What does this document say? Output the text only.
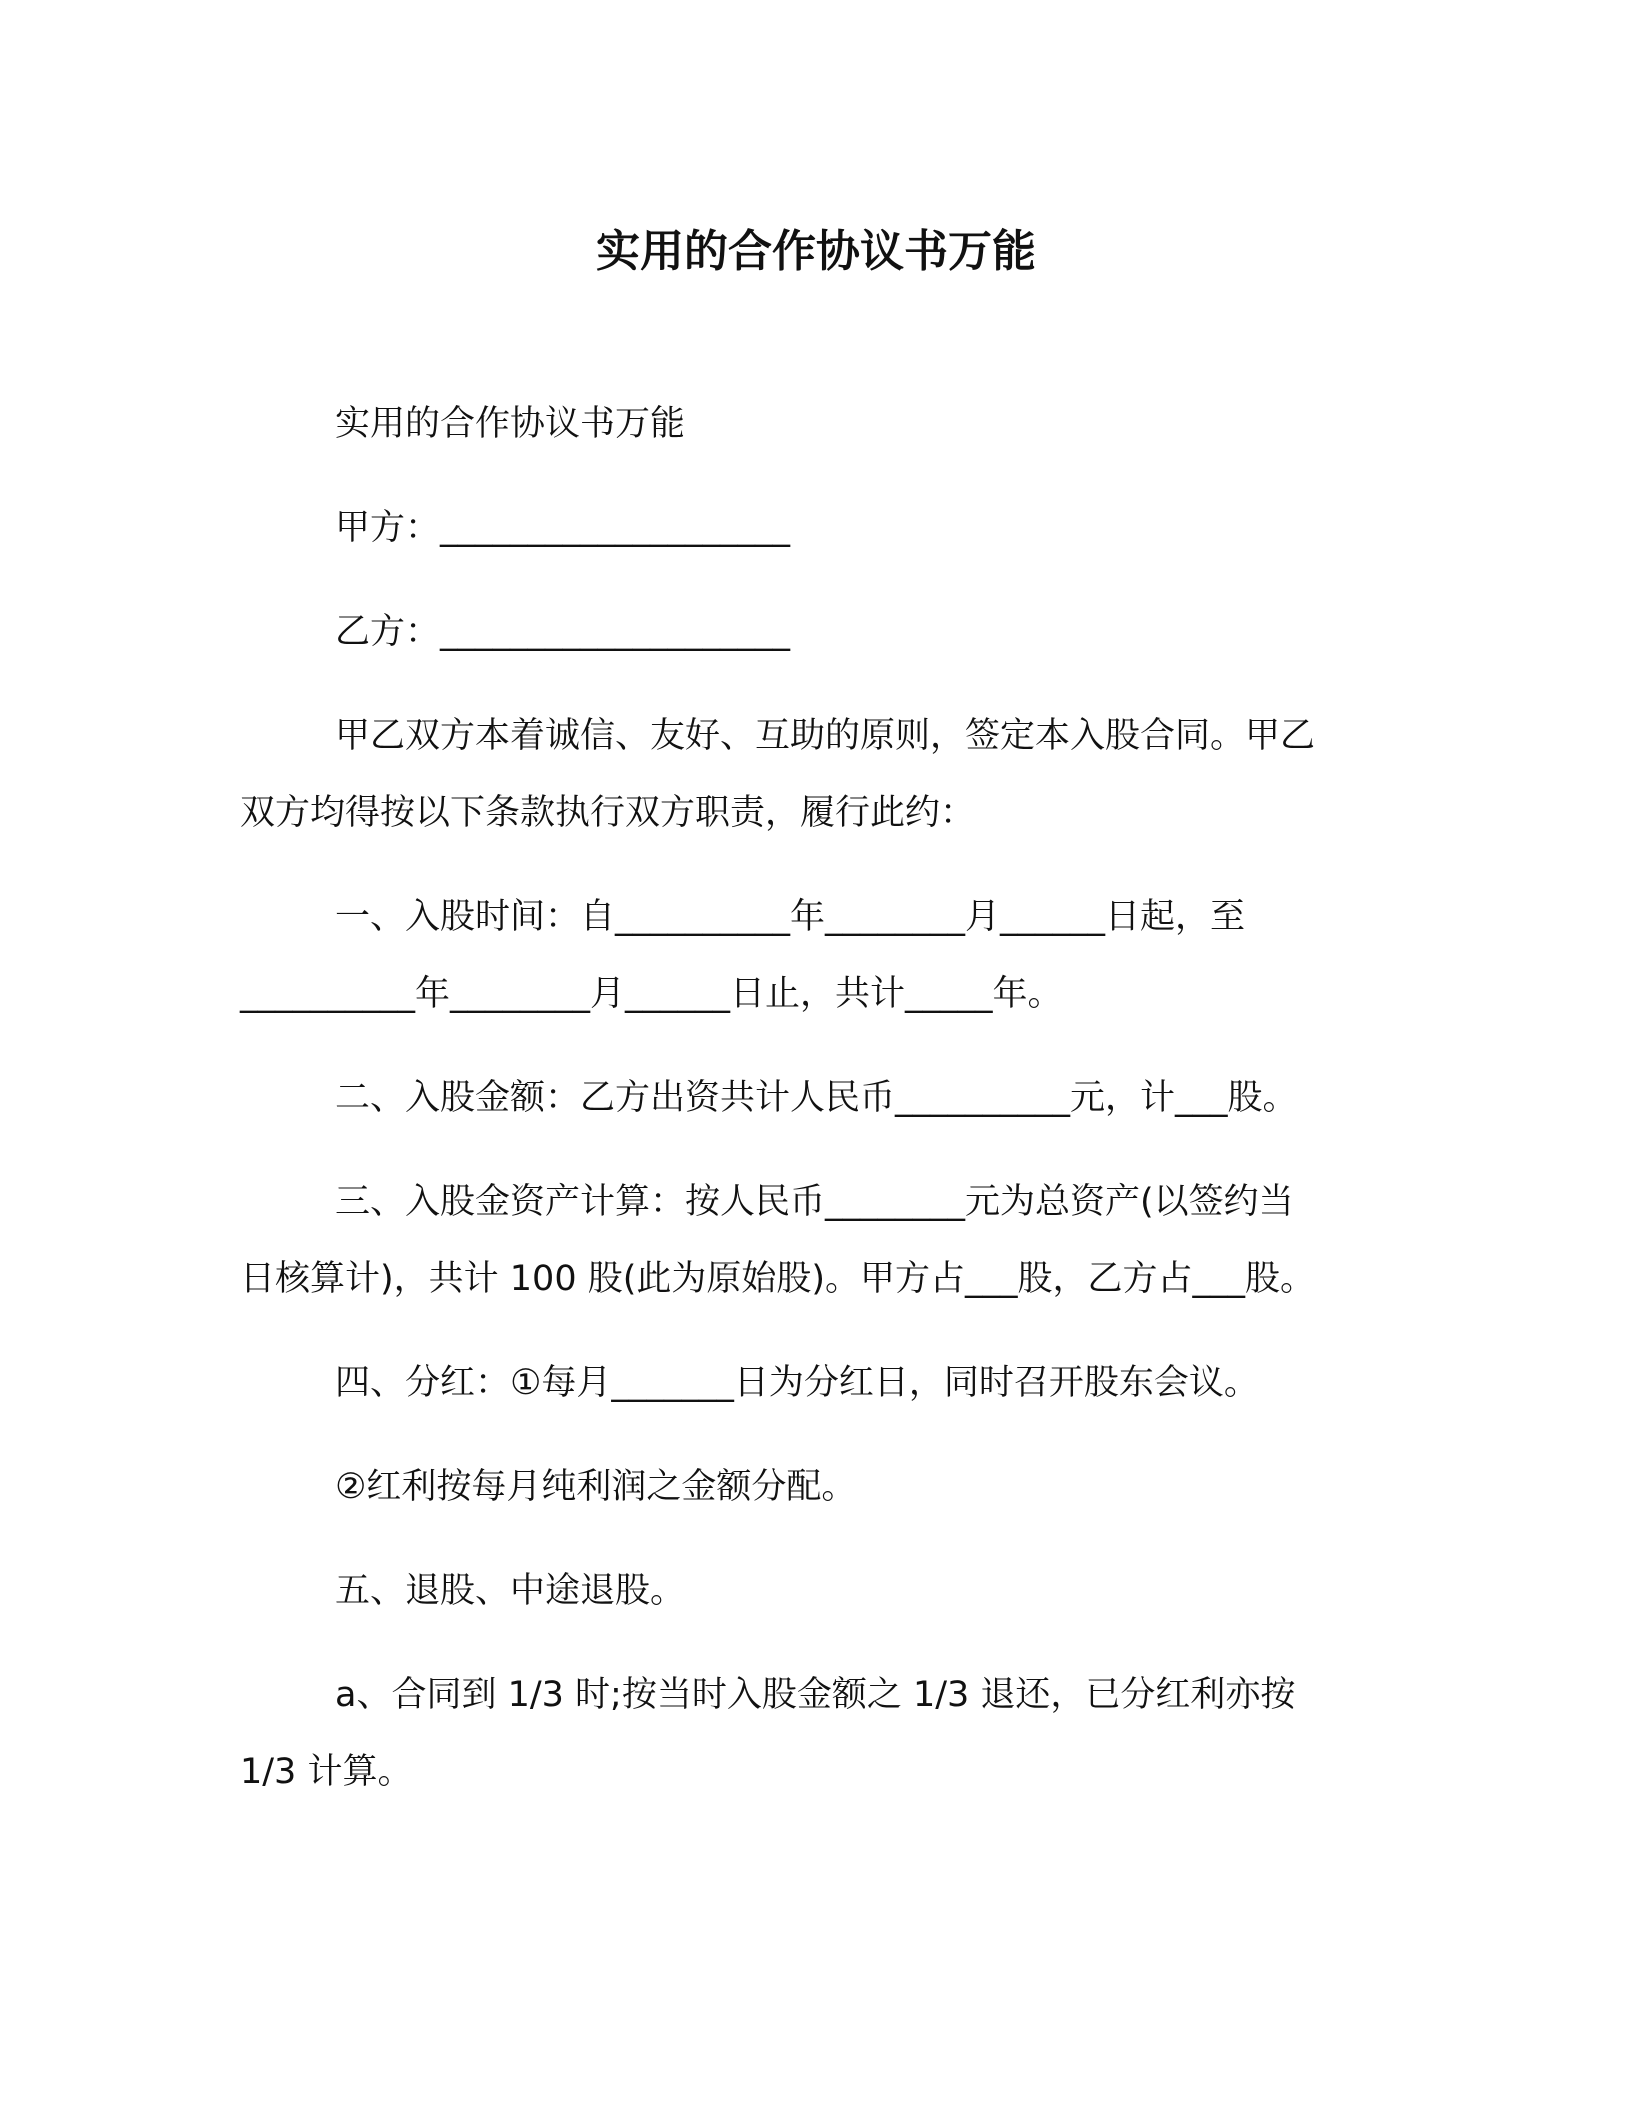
实用的合作协议书万能
实用的合作协议书万能
甲方：____________________
乙方：____________________
甲乙双方本着诚信、友好、互助的原则，签定本入股合同。甲乙
双方均得按以下条款执行双方职责，履行此约：
一、入股时间：自__________年________月______日起，至
__________年________月______日止，共计_____年。
二、入股金额：乙方出资共计人民币__________元，计___股。
三、入股金资产计算：按人民币________元为总资产(以签约当
日核算计)，共计 100 股(此为原始股)。甲方占___股，乙方占___股。
四、分红：①每月_______日为分红日，同时召开股东会议。
②红利按每月纯利润之金额分配。
五、退股、中途退股。
a、合同到 1/3 时;按当时入股金额之 1/3 退还，已分红利亦按
1/3 计算。
